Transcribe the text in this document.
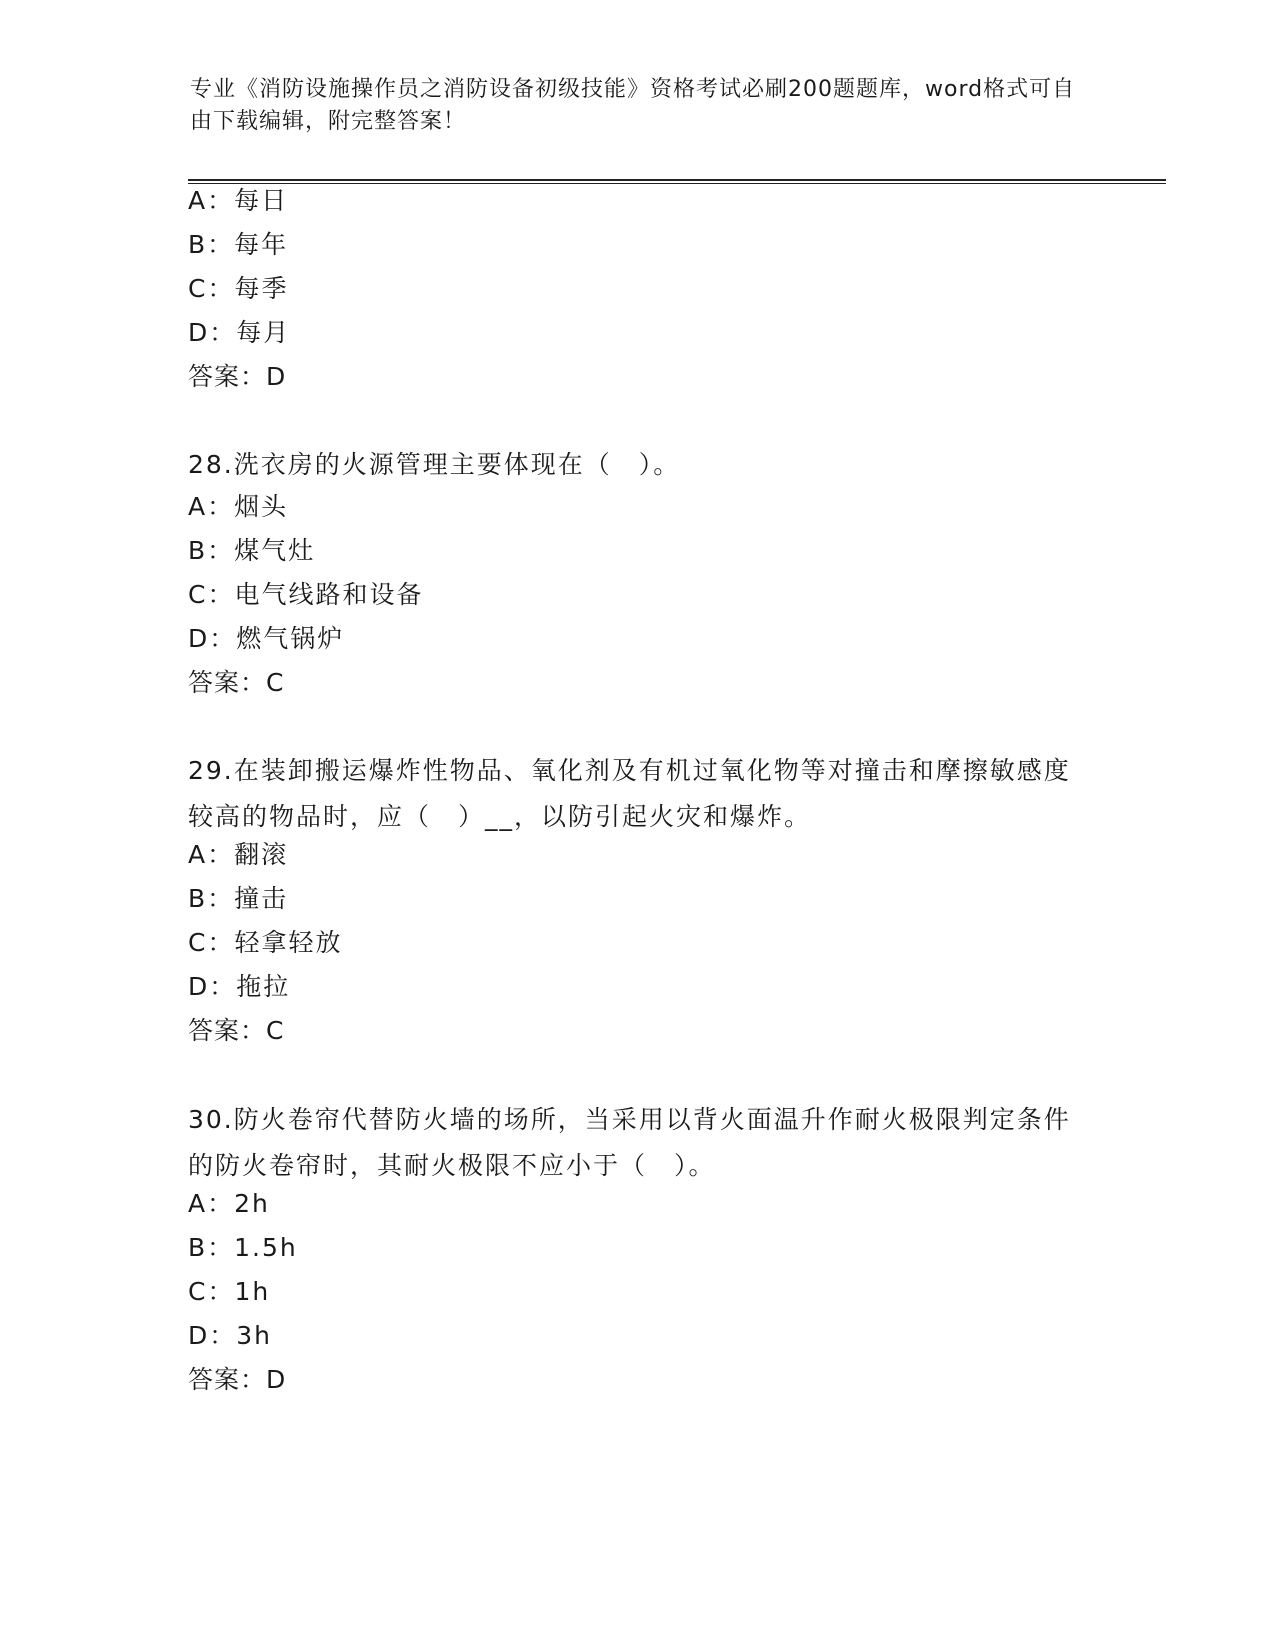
专业《消防设施操作员之消防设备初级技能》资格考试必刷200题题库，word格式可自由下载编辑，附完整答案！
A：每日
B：每年
C：每季
D：每月
答案：D
28.洗衣房的火源管理主要体现在（　）。
A：烟头
B：煤气灶
C：电气线路和设备
D：燃气锅炉
答案：C
29.在装卸搬运爆炸性物品、氧化剂及有机过氧化物等对撞击和摩擦敏感度较高的物品时，应（　）__，以防引起火灾和爆炸。
A：翻滚
B：撞击
C：轻拿轻放
D：拖拉
答案：C
30.防火卷帘代替防火墙的场所，当采用以背火面温升作耐火极限判定条件的防火卷帘时，其耐火极限不应小于（　）。
A：2h
B：1.5h
C：1h
D：3h
答案：D
